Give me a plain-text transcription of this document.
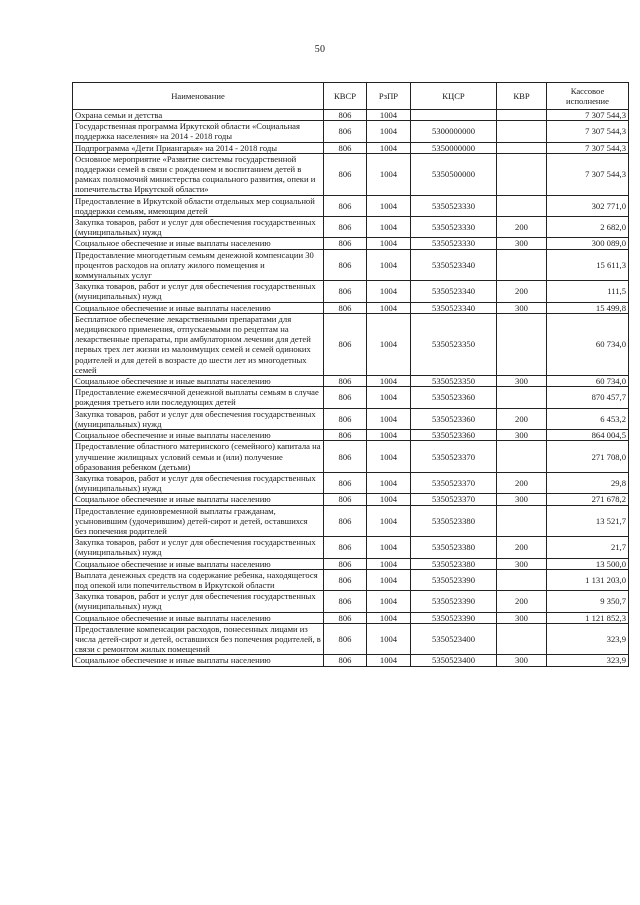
50
Наименование	КВСР	РзПР	КЦСР	КВР	Кассовое исполнение
Охрана семьи и детства	806	1004			7 307 544,3
Государственная программа Иркутской области «Социальная поддержка населения» на 2014 - 2018 годы	806	1004	5300000000		7 307 544,3
Подпрограмма «Дети Приангарья» на 2014 - 2018 годы	806	1004	5350000000		7 307 544,3
Основное мероприятие «Развитие системы государственной поддержки семей в связи с рождением и воспитанием детей в рамках полномочий министерства социального развития, опеки и попечительства Иркутской области»	806	1004	5350500000		7 307 544,3
Предоставление в Иркутской области отдельных мер социальной поддержки семьям, имеющим детей	806	1004	5350523330		302 771,0
Закупка товаров, работ и услуг для обеспечения государственных (муниципальных) нужд	806	1004	5350523330	200	2 682,0
Социальное обеспечение и иные выплаты населению	806	1004	5350523330	300	300 089,0
Предоставление многодетным семьям денежной компенсации 30 процентов расходов на оплату жилого помещения и коммунальных услуг	806	1004	5350523340		15 611,3
Закупка товаров, работ и услуг для обеспечения государственных (муниципальных) нужд	806	1004	5350523340	200	111,5
Социальное обеспечение и иные выплаты населению	806	1004	5350523340	300	15 499,8
Бесплатное обеспечение лекарственными препаратами для медицинского применения, отпускаемыми по рецептам на лекарственные препараты, при амбулаторном лечении для детей первых трех лет жизни из малоимущих семей и семей одиноких родителей и для детей в возрасте до шести лет из многодетных семей	806	1004	5350523350		60 734,0
Социальное обеспечение и иные выплаты населению	806	1004	5350523350	300	60 734,0
Предоставление ежемесячной денежной выплаты семьям в случае рождения третьего или последующих детей	806	1004	5350523360		870 457,7
Закупка товаров, работ и услуг для обеспечения государственных (муниципальных) нужд	806	1004	5350523360	200	6 453,2
Социальное обеспечение и иные выплаты населению	806	1004	5350523360	300	864 004,5
Предоставление областного материнского (семейного) капитала на улучшение жилищных условий семьи и (или) получение образования ребенком (детьми)	806	1004	5350523370		271 708,0
Закупка товаров, работ и услуг для обеспечения государственных (муниципальных) нужд	806	1004	5350523370	200	29,8
Социальное обеспечение и иные выплаты населению	806	1004	5350523370	300	271 678,2
Предоставление единовременной выплаты гражданам, усыновившим (удочерившим) детей-сирот и детей, оставшихся без попечения родителей	806	1004	5350523380		13 521,7
Закупка товаров, работ и услуг для обеспечения государственных (муниципальных) нужд	806	1004	5350523380	200	21,7
Социальное обеспечение и иные выплаты населению	806	1004	5350523380	300	13 500,0
Выплата денежных средств на содержание ребенка, находящегося под опекой или попечительством в Иркутской области	806	1004	5350523390		1 131 203,0
Закупка товаров, работ и услуг для обеспечения государственных (муниципальных) нужд	806	1004	5350523390	200	9 350,7
Социальное обеспечение и иные выплаты населению	806	1004	5350523390	300	1 121 852,3
Предоставление компенсации расходов, понесенных лицами из числа детей-сирот и детей, оставшихся без попечения родителей, в связи с ремонтом жилых помещений	806	1004	5350523400		323,9
Социальное обеспечение и иные выплаты населению	806	1004	5350523400	300	323,9
